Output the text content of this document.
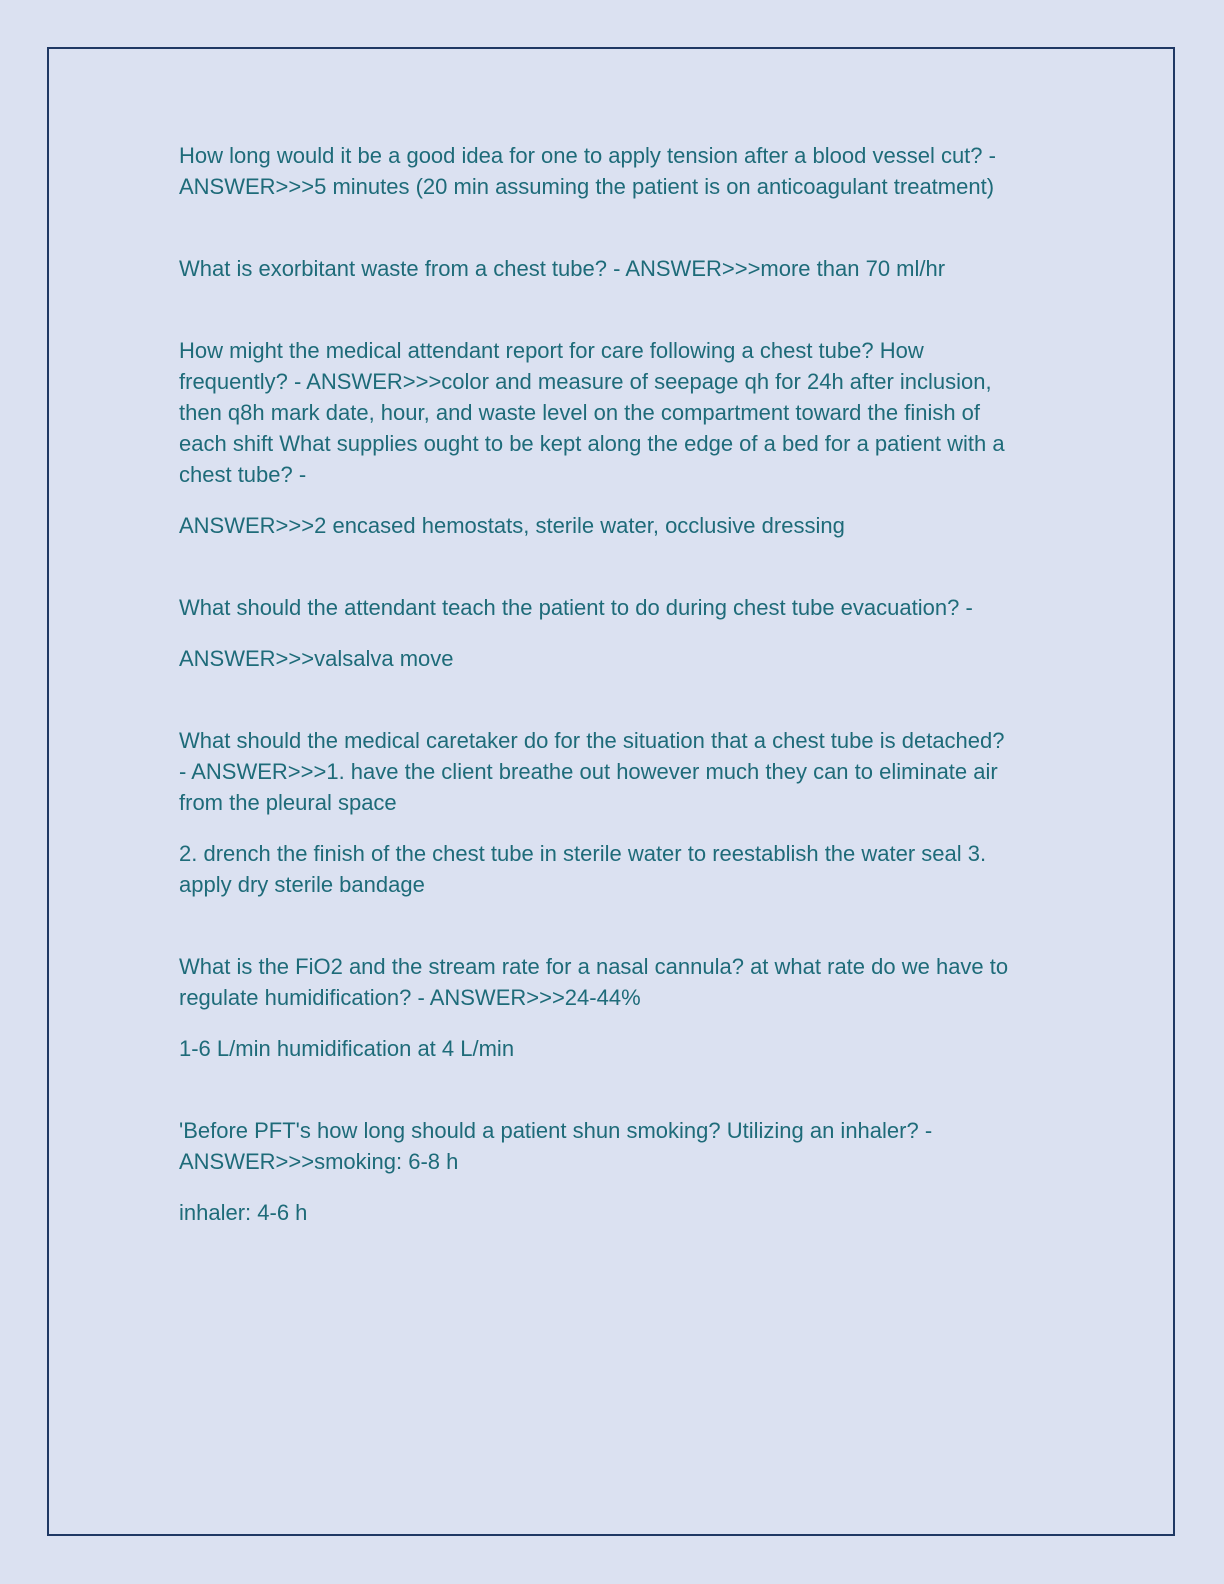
How long would it be a good idea for one to apply tension after a blood vessel cut? - ANSWER>>>5 minutes (20 min assuming the patient is on anticoagulant treatment)

What is exorbitant waste from a chest tube? - ANSWER>>>more than 70 ml/hr

How might the medical attendant report for care following a chest tube? How frequently? - ANSWER>>>color and measure of seepage qh for 24h after inclusion, then q8h mark date, hour, and waste level on the compartment toward the finish of each shift What supplies ought to be kept along the edge of a bed for a patient with a chest tube? -

ANSWER>>>2 encased hemostats, sterile water, occlusive dressing

What should the attendant teach the patient to do during chest tube evacuation? -

ANSWER>>>valsalva move

What should the medical caretaker do for the situation that a chest tube is detached? - ANSWER>>>1. have the client breathe out however much they can to eliminate air from the pleural space

2. drench the finish of the chest tube in sterile water to reestablish the water seal 3. apply dry sterile bandage

What is the FiO2 and the stream rate for a nasal cannula? at what rate do we have to regulate humidification? - ANSWER>>>24-44%

1-6 L/min humidification at 4 L/min

'Before PFT's how long should a patient shun smoking? Utilizing an inhaler? - ANSWER>>>smoking: 6-8 h

inhaler: 4-6 h
